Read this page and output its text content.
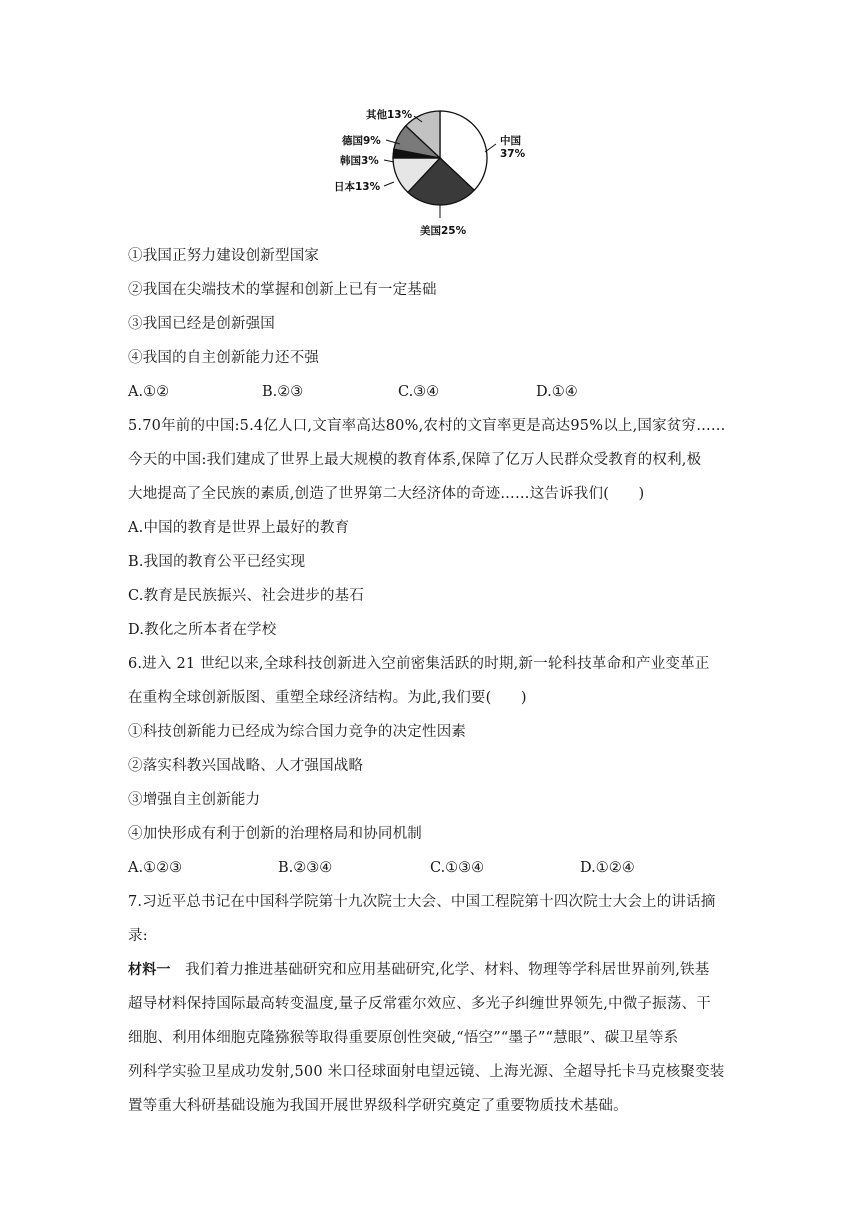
中国 37%
美国25%
日本13%
韩国3%
德国9%
其他13%
①我国正努力建设创新型国家
②我国在尖端技术的掌握和创新上已有一定基础
③我国已经是创新强国
④我国的自主创新能力还不强
A.①②	B.②③	C.③④	D.①④
5.70年前的中国:5.4亿人口,文盲率高达80%,农村的文盲率更是高达95%以上,国家贫穷……
今天的中国:我们建成了世界上最大规模的教育体系,保障了亿万人民群众受教育的权利,极
大地提高了全民族的素质,创造了世界第二大经济体的奇迹……这告诉我们(　　)
A.中国的教育是世界上最好的教育
B.我国的教育公平已经实现
C.教育是民族振兴、社会进步的基石
D.教化之所本者在学校
6.进入 21 世纪以来,全球科技创新进入空前密集活跃的时期,新一轮科技革命和产业变革正
在重构全球创新版图、重塑全球经济结构。为此,我们要(　　)
①科技创新能力已经成为综合国力竞争的决定性因素
②落实科教兴国战略、人才强国战略
③增强自主创新能力
④加快形成有利于创新的治理格局和协同机制
A.①②③	B.②③④	C.①③④	D.①②④
7.习近平总书记在中国科学院第十九次院士大会、中国工程院第十四次院士大会上的讲话摘
录:
材料一　我们着力推进基础研究和应用基础研究,化学、材料、物理等学科居世界前列,铁基
超导材料保持国际最高转变温度,量子反常霍尔效应、多光子纠缠世界领先,中微子振荡、干
细胞、利用体细胞克隆猕猴等取得重要原创性突破,“悟空”“墨子”“慧眼”、碳卫星等系
列科学实验卫星成功发射,500 米口径球面射电望远镜、上海光源、全超导托卡马克核聚变装
置等重大科研基础设施为我国开展世界级科学研究奠定了重要物质技术基础。
